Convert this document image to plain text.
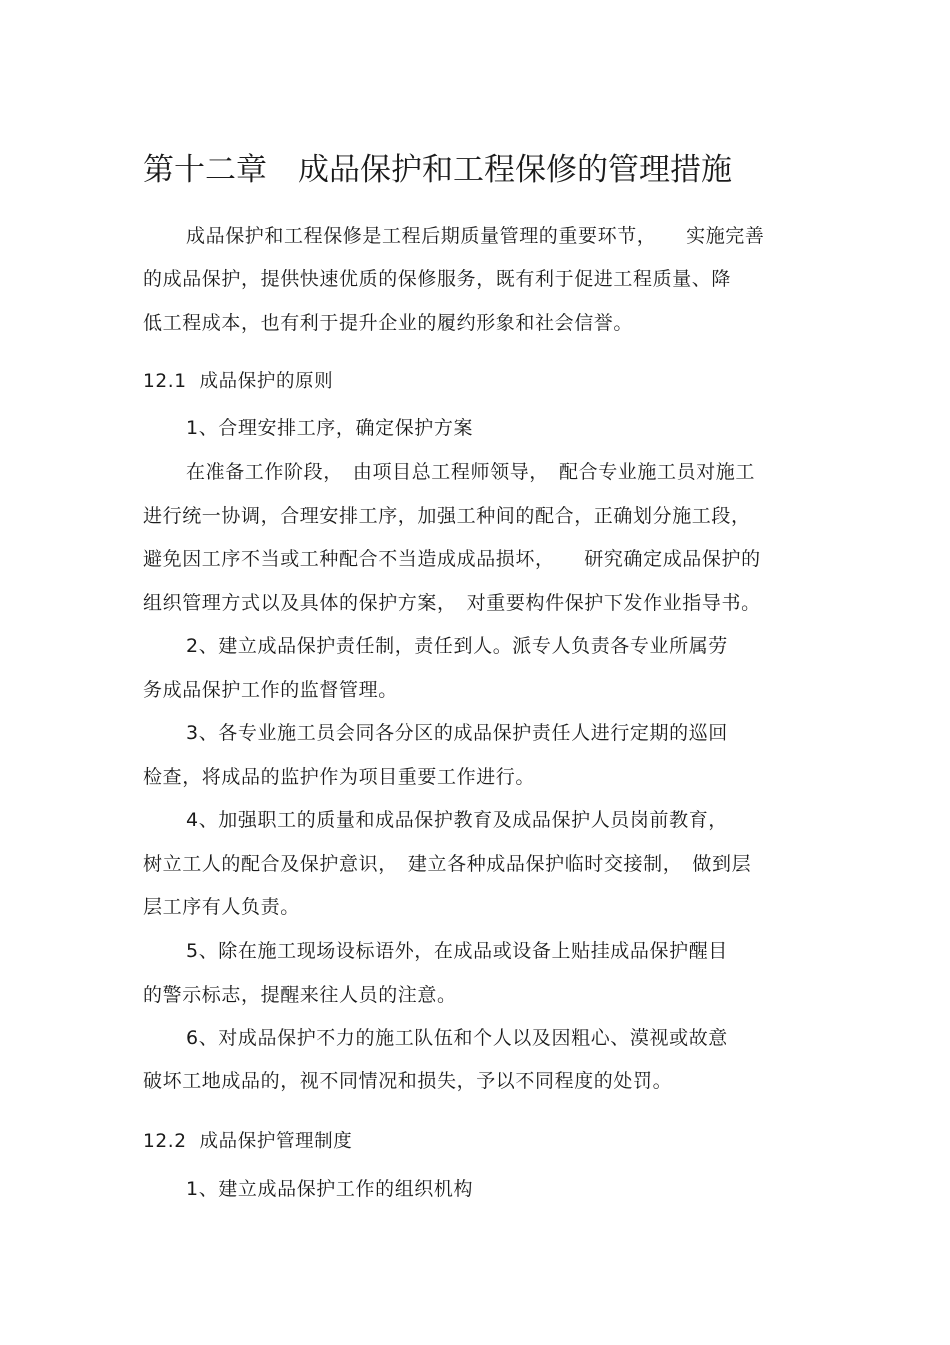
第十二章　成品保护和工程保修的管理措施

成品保护和工程保修是工程后期质量管理的重要环节，　　实施完善

的成品保护，提供快速优质的保修服务，既有利于促进工程质量、降

低工程成本，也有利于提升企业的履约形象和社会信誉。

12.1  成品保护的原则

1、合理安排工序，确定保护方案

在准备工作阶段，　由项目总工程师领导，　配合专业施工员对施工

进行统一协调，合理安排工序，加强工种间的配合，正确划分施工段，

避免因工序不当或工种配合不当造成成品损坏，　　研究确定成品保护的

组织管理方式以及具体的保护方案，　对重要构件保护下发作业指导书。

2、建立成品保护责任制，责任到人。派专人负责各专业所属劳

务成品保护工作的监督管理。

3、各专业施工员会同各分区的成品保护责任人进行定期的巡回

检查，将成品的监护作为项目重要工作进行。

4、加强职工的质量和成品保护教育及成品保护人员岗前教育，

树立工人的配合及保护意识，　建立各种成品保护临时交接制，　做到层

层工序有人负责。

5、除在施工现场设标语外，在成品或设备上贴挂成品保护醒目

的警示标志，提醒来往人员的注意。

6、对成品保护不力的施工队伍和个人以及因粗心、漠视或故意

破坏工地成品的，视不同情况和损失，予以不同程度的处罚。

12.2  成品保护管理制度

1、建立成品保护工作的组织机构
